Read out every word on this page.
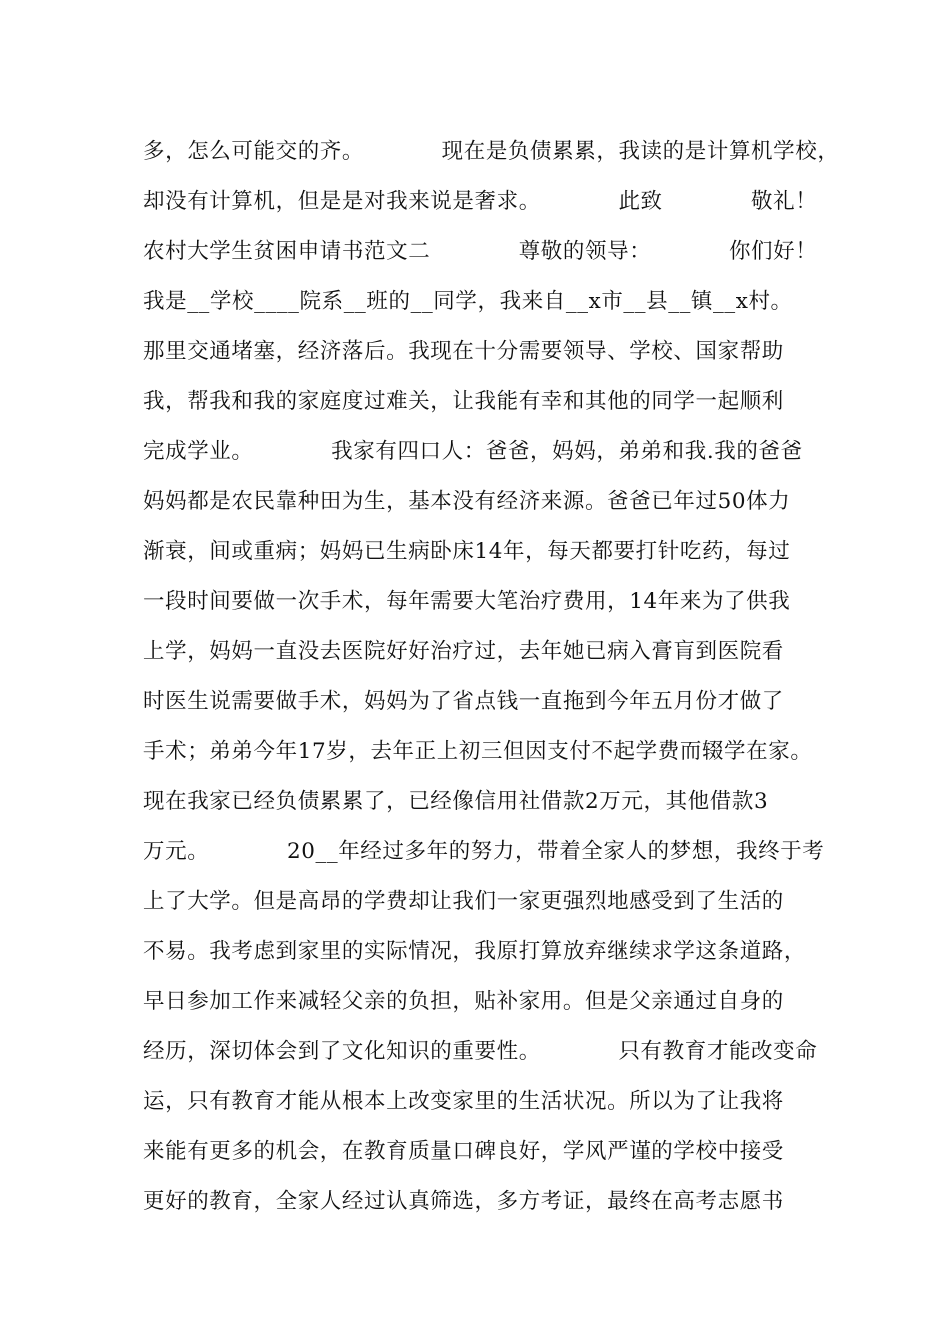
多，怎么可能交的齐。　　　　现在是负债累累，我读的是计算机学校，
却没有计算机，但是是对我来说是奢求。　　　　此致　　　　敬礼！
农村大学生贫困申请书范文二　　　　尊敬的领导：　　　　你们好！
我是__学校____院系__班的__同学，我来自__x市__县__镇__x村。
那里交通堵塞，经济落后。我现在十分需要领导、学校、国家帮助
我，帮我和我的家庭度过难关，让我能有幸和其他的同学一起顺利
完成学业。　　　　我家有四口人：爸爸，妈妈，弟弟和我.我的爸爸
妈妈都是农民靠种田为生，基本没有经济来源。爸爸已年过50体力
渐衰，间或重病；妈妈已生病卧床14年，每天都要打针吃药，每过
一段时间要做一次手术，每年需要大笔治疗费用，14年来为了供我
上学，妈妈一直没去医院好好治疗过，去年她已病入膏肓到医院看
时医生说需要做手术，妈妈为了省点钱一直拖到今年五月份才做了
手术；弟弟今年17岁，去年正上初三但因支付不起学费而辍学在家。
现在我家已经负债累累了，已经像信用社借款2万元，其他借款3
万元。　　　　20__年经过多年的努力，带着全家人的梦想，我终于考
上了大学。但是高昂的学费却让我们一家更强烈地感受到了生活的
不易。我考虑到家里的实际情况，我原打算放弃继续求学这条道路，
早日参加工作来减轻父亲的负担，贴补家用。但是父亲通过自身的
经历，深切体会到了文化知识的重要性。　　　　只有教育才能改变命
运，只有教育才能从根本上改变家里的生活状况。所以为了让我将
来能有更多的机会，在教育质量口碑良好，学风严谨的学校中接受
更好的教育，全家人经过认真筛选，多方考证，最终在高考志愿书
